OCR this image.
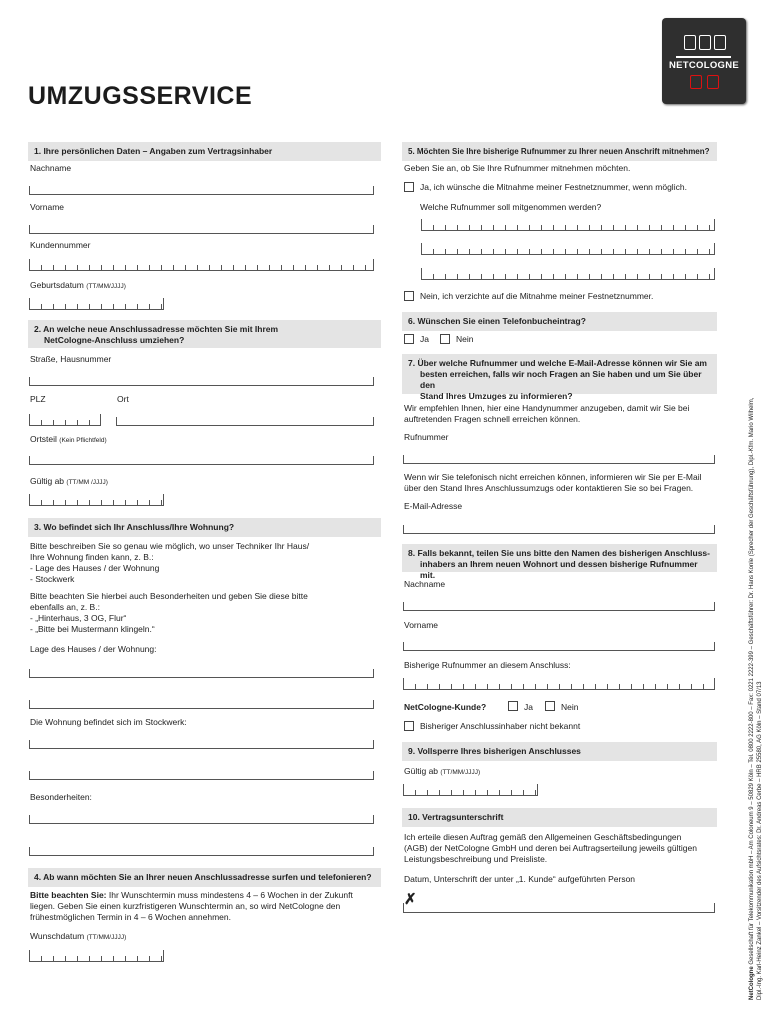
UMZUGSSERVICE
NETCOLOGNE
1. Ihre persönlichen Daten – Angaben zum Vertragsinhaber
Nachname
Vorname
Kundennummer
Geburtsdatum (TT/MM/JJJJ)
2. An welche neue Anschlussadresse möchten Sie mit Ihrem
NetCologne-Anschluss umziehen?
Straße, Hausnummer
PLZ	Ort
Ortsteil (Kein Pflichtfeld)
Gültig ab (TT/MM /JJJJ)
3. Wo befindet sich Ihr Anschluss/Ihre Wohnung?
Bitte beschreiben Sie so genau wie möglich, wo unser Techniker Ihr Haus/
Ihre Wohnung finden kann, z. B.:
- Lage des Hauses / der Wohnung
- Stockwerk
Bitte beachten Sie hierbei auch Besonderheiten und geben Sie diese bitte
ebenfalls an, z. B.:
- „Hinterhaus, 3 OG, Flur“
- „Bitte bei Mustermann klingeln.“
Lage des Hauses / der Wohnung:
Die Wohnung befindet sich im Stockwerk:
Besonderheiten:
4. Ab wann möchten Sie an Ihrer neuen Anschlussadresse surfen und telefonieren?
Bitte beachten Sie: Ihr Wunschtermin muss mindestens 4 – 6 Wochen in der Zukunft
liegen. Geben Sie einen kurzfristigeren Wunschtermin an, so wird NetCologne den
frühestmöglichen Termin in 4 – 6 Wochen annehmen.
Wunschdatum (TT/MM/JJJJ)
5. Möchten Sie Ihre bisherige Rufnummer zu Ihrer neuen Anschrift mitnehmen?
Geben Sie an, ob Sie Ihre Rufnummer mitnehmen möchten.
Ja, ich wünsche die Mitnahme meiner Festnetznummer, wenn möglich.
Welche Rufnummer soll mitgenommen werden?
Nein, ich verzichte auf die Mitnahme meiner Festnetznummer.
6. Wünschen Sie einen Telefonbucheintrag?
Ja	Nein
7. Über welche Rufnummer und welche E-Mail-Adresse können wir Sie am
besten erreichen, falls wir noch Fragen an Sie haben und um Sie über den
Stand Ihres Umzuges zu informieren?
Wir empfehlen Ihnen, hier eine Handynummer anzugeben, damit wir Sie bei
auftretenden Fragen schnell erreichen können.
Rufnummer
Wenn wir Sie telefonisch nicht erreichen können, informieren wir Sie per E-Mail
über den Stand Ihres Anschlussumzugs oder kontaktieren Sie so bei Fragen.
E-Mail-Adresse
8. Falls bekannt, teilen Sie uns bitte den Namen des bisherigen Anschluss-
inhabers an Ihrem neuen Wohnort und dessen bisherige Rufnummer mit.
Nachname
Vorname
Bisherige Rufnummer an diesem Anschluss:
NetCologne-Kunde?	Ja	Nein
Bisheriger Anschlussinhaber nicht bekannt
9. Vollsperre Ihres bisherigen Anschlusses
Gültig ab (TT/MM/JJJJ)
10. Vertragsunterschrift
Ich erteile diesen Auftrag gemäß den Allgemeinen Geschäftsbedingungen
(AGB) der NetCologne GmbH und deren bei Auftragserteilung jeweils gültigen
Leistungsbeschreibung und Preisliste.
Datum, Unterschrift der unter „1. Kunde“ aufgeführten Person
✗
NetCologne Gesellschaft für Telekommunikation mbH – Am Coloneum 9 – 50829 Köln – Tel. 0800 2222-800 – Fax: 0221 2222-399 – Geschäftsführer: Dr. Hans Konle (Sprecher der Geschäftsführung), Dipl.-Kfm. Mario Wilhelm, Dipl.-Ing. Karl-Heinz Zankel – Vorsitzender des Aufsichtsrates: Dr. Andreas Cerbe – HRB 25580, AG Köln – Stand 07/13
